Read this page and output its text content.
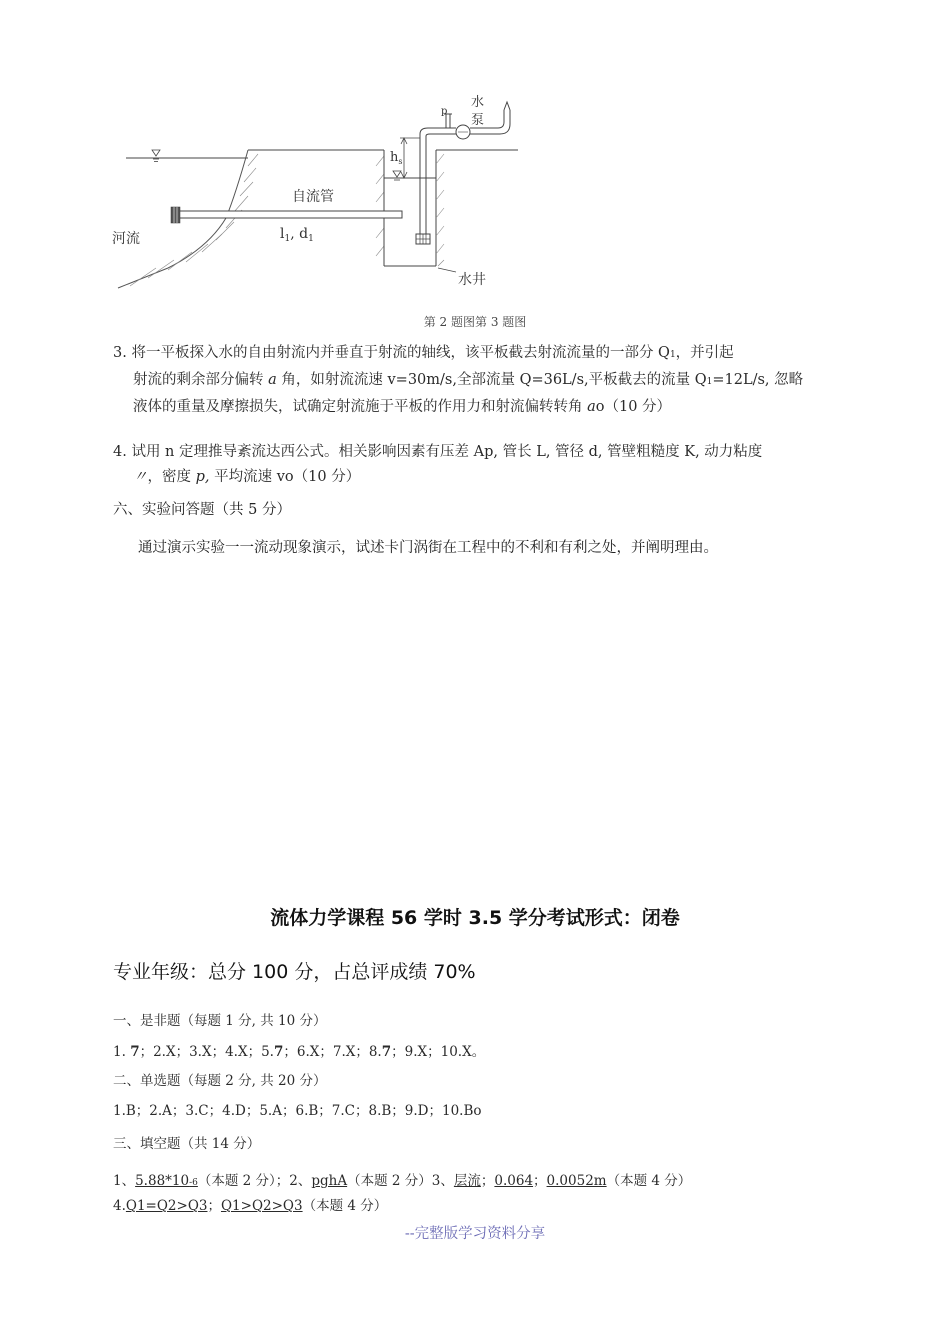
$h_s$
p
水
泵
自流管
$l_1$, $d_1$
河流
水井
第 2 题图第 3 题图
3. 将一平板探入水的自由射流内并垂直于射流的轴线，该平板截去射流流量的一部分 Q1，并引起
射流的剩余部分偏转 a 角，如射流流速 v=30m/s,全部流量 Q=36L/s,平板截去的流量 Q1=12L/s, 忽略
液体的重量及摩擦损失，试确定射流施于平板的作用力和射流偏转转角 ao（10 分）
4. 试用 n 定理推导紊流达西公式。相关影响因素有压差 Ap, 管长 L, 管径 d, 管壁粗糙度 K, 动力粘度
〃，密度 p, 平均流速 vo（10 分）
六、实验问答题（共 5 分）
通过演示实验一一流动现象演示，试述卡门涡街在工程中的不利和有利之处，并阐明理由。
流体力学课程 56 学时 3.5 学分考试形式：闭卷
专业年级：总分 100 分，占总评成绩 70%
一、是非题（每题 1 分, 共 10 分）
1. 7；2.X；3.X；4.X；5.7；6.X；7.X；8.7；9.X；10.X。
二、单选题（每题 2 分, 共 20 分）
1.B；2.A；3.C；4.D；5.A；6.B；7.C；8.B；9.D；10.Bo
三、填空题（共 14 分）
1、5.88*10-6（本题 2 分）；2、pghA（本题 2 分）3、层流；0.064；0.0052m（本题 4 分）
4.Q1=Q2>Q3；Q1>Q2>Q3（本题 4 分）
--完整版学习资料分享
